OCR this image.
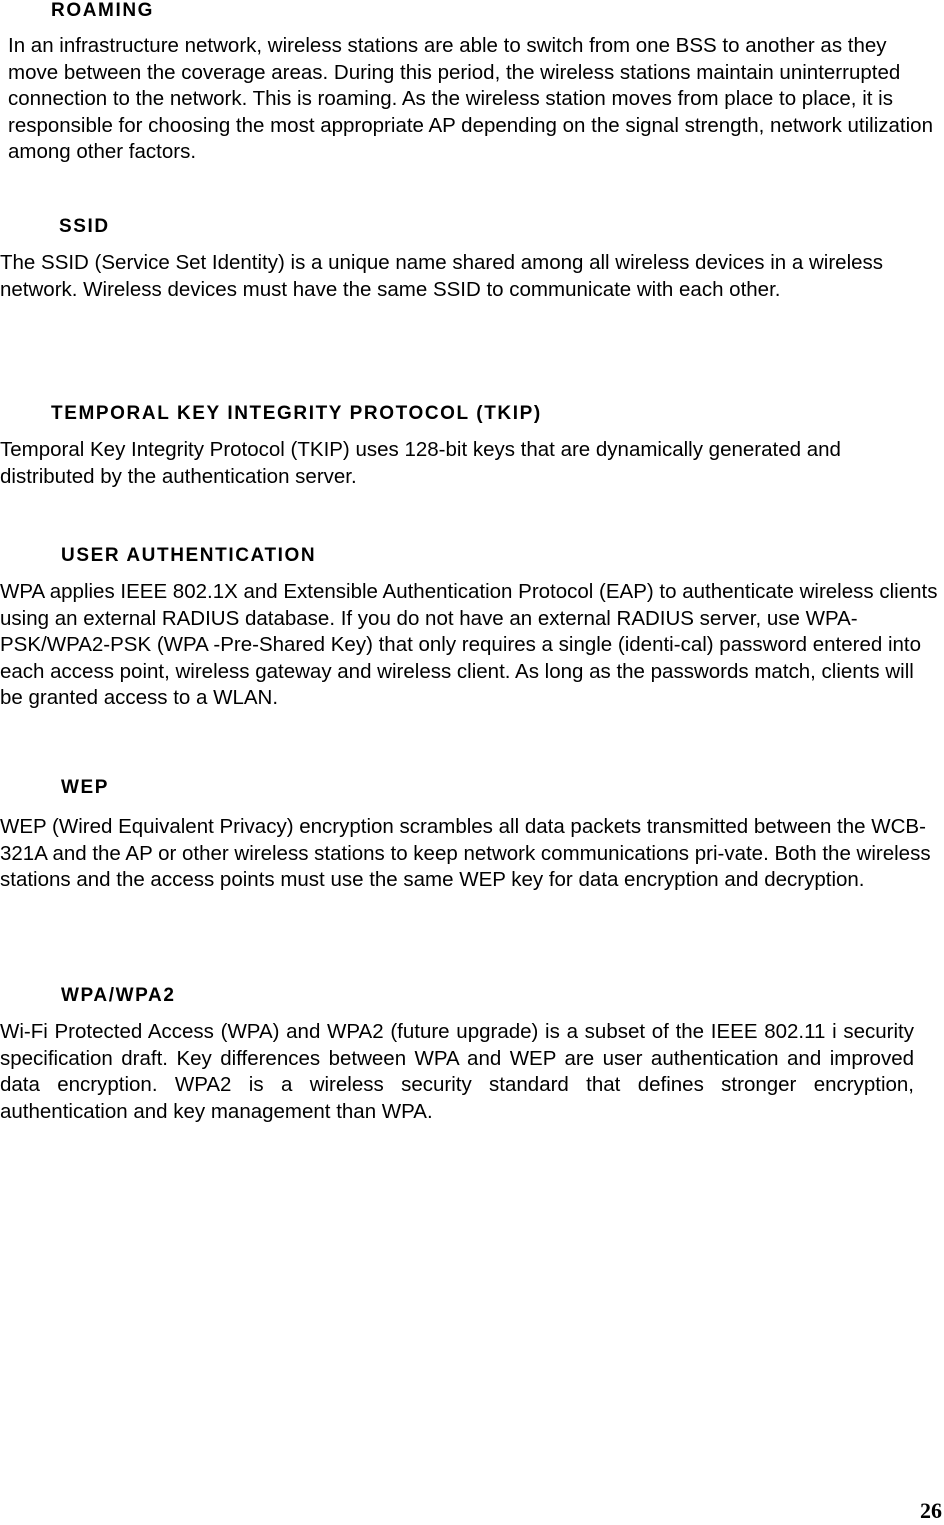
ROAMING

In an infrastructure network, wireless stations are able to switch from one BSS to another as they move between the coverage areas. During this period, the wireless stations maintain uninterrupted connection to the network. This is roaming. As the wireless station moves from place to place, it is responsible for choosing the most appropriate AP depending on the signal strength, network utilization among other factors.

SSID

The SSID (Service Set Identity) is a unique name shared among all wireless devices in a wireless network. Wireless devices must have the same SSID to communicate with each other.

TEMPORAL KEY INTEGRITY PROTOCOL (TKIP)

Temporal Key Integrity Protocol (TKIP) uses 128-bit keys that are dynamically generated and distributed by the authentication server.

USER AUTHENTICATION

WPA applies IEEE 802.1X and Extensible Authentication Protocol (EAP) to authenticate wireless clients using an external RADIUS database. If you do not have an external RADIUS server, use WPA-PSK/WPA2-PSK (WPA -Pre-Shared Key) that only requires a single (identi-cal) password entered into each access point, wireless gateway and wireless client. As long as the passwords match, clients will be granted access to a WLAN.

WEP

WEP (Wired Equivalent Privacy) encryption scrambles all data packets transmitted between the WCB-321A and the AP or other wireless stations to keep network communications pri-vate. Both the wireless stations and the access points must use the same WEP key for data encryption and decryption.

WPA/WPA2

Wi-Fi Protected Access (WPA) and WPA2 (future upgrade) is a subset of the IEEE 802.11 i security specification draft. Key differences between WPA and WEP are user authentication and improved data encryption. WPA2 is a wireless security standard that defines stronger encryption, authentication and key management than WPA.

26
